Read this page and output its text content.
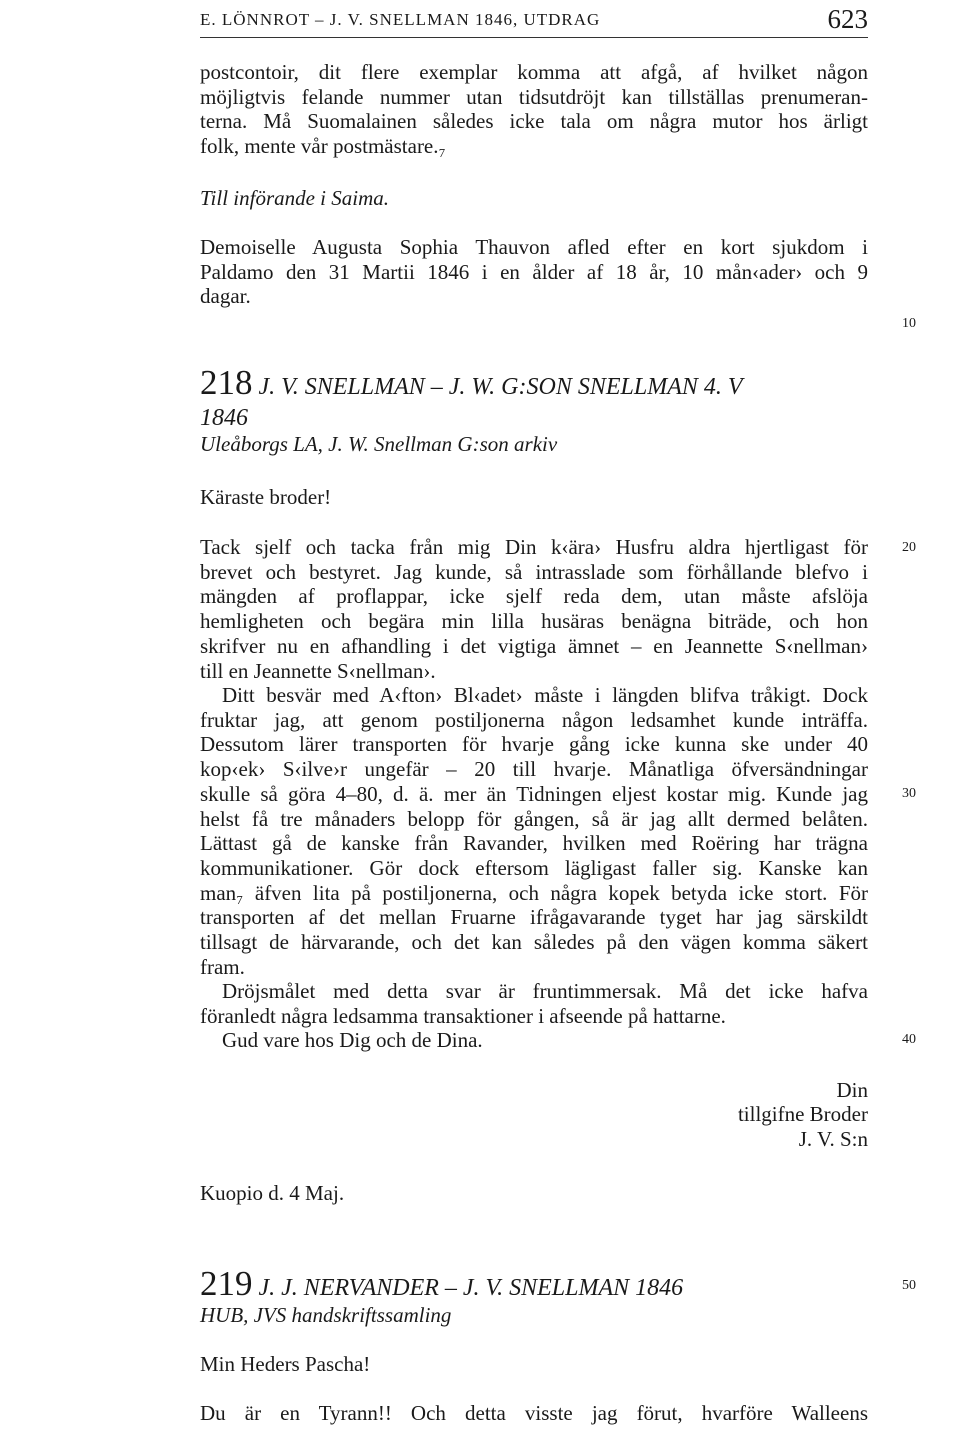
E. LÖNNROT – J. V. SNELLMAN 1846, UTDRAG	623
postcontoir, dit flere exemplar komma att afgå, af hvilket någon
möjligtvis felande nummer utan tidsutdröjt kan tillställas prenumeran-
terna. Må Suomalainen således icke tala om några mutor hos ärligt
folk, mente vår postmästare.₇
Till införande i Saima.
Demoiselle Augusta Sophia Thauvon afled efter en kort sjukdom i
Paldamo den 31 Martii 1846 i en ålder af 18 år, 10 mån‹ader› och 9
dagar.
218 J. V. SNELLMAN – J. W. G:SON SNELLMAN 4. V
1846
Uleåborgs LA, J. W. Snellman G:son arkiv
Käraste broder!
Tack sjelf och tacka från mig Din k‹ära› Husfru aldra hjertligast för
brevet och bestyret. Jag kunde, så intrasslade som förhållande blefvo i
mängden af proflappar, icke sjelf reda dem, utan måste afslöja
hemligheten och begära min lilla husäras benägna biträde, och hon
skrifver nu en afhandling i det vigtiga ämnet – en Jeannette S‹nellman›
till en Jeannette S‹nellman›.
Ditt besvär med A‹fton› Bl‹adet› måste i längden blifva tråkigt. Dock
fruktar jag, att genom postiljonerna någon ledsamhet kunde inträffa.
Dessutom lärer transporten för hvarje gång icke kunna ske under 40
kop‹ek› S‹ilve›r ungefär – 20 till hvarje. Månatliga öfversändningar
skulle så göra 4–80, d. ä. mer än Tidningen eljest kostar mig. Kunde jag
helst få tre månaders belopp för gången, så är jag allt dermed belåten.
Lättast gå de kanske från Ravander, hvilken med Roëring har trägna
kommunikationer. Gör dock eftersom lägligast faller sig. Kanske kan
man₇ äfven lita på postiljonerna, och några kopek betyda icke stort. För
transporten af det mellan Fruarne ifrågavarande tyget har jag särskildt
tillsagt de härvarande, och det kan således på den vägen komma säkert
fram.
Dröjsmålet med detta svar är fruntimmersak. Må det icke hafva
föranledt några ledsamma transaktioner i afseende på hattarne.
Gud vare hos Dig och de Dina.
Din
tillgifne Broder
J. V. S:n
Kuopio d. 4 Maj.
219 J. J. NERVANDER – J. V. SNELLMAN 1846
HUB, JVS handskriftssamling
Min Heders Pascha!
Du är en Tyrann!! Och detta visste jag förut, hvarföre Walleens
10
20
30
40
50
